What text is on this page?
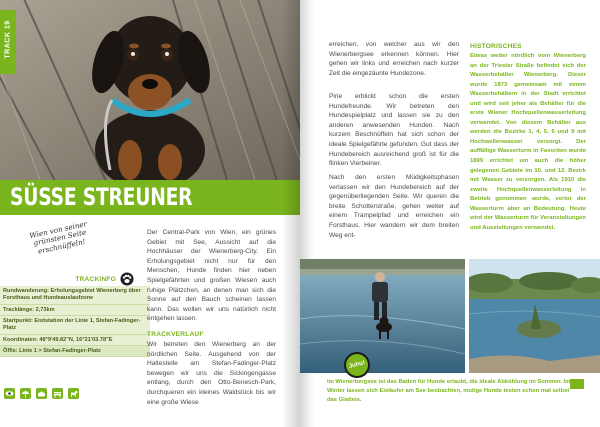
TRACK 19
SÜSSE STREUNER
Wien von seiner grünsten Seite erschnüffeln!
TRACKINFO
Rundwanderung: Erholungsgebiet Wienerberg über Forsthaus und Hundeauslaufzone
Tracklänge: 2,73km
Startpunkt: Endstation der Linie 1, Stefan-Fadinger-Platz
Koordinaten: 48°9'49.82"N, 16°21'03.78"E
Öffis: Linie 1 > Stefan-Fadinger-Platz
Der Central-Park von Wien, ein grünes Gebiet mit See, Aussicht auf die Hochhäuser der Wienerberg-City. Ein Erholungsgebiet nicht nur für den Menschen, Hunde finden hier neben Spielgefährten und großen Wiesen auch ruhige Plätzchen, an denen man sich die Sonne auf den Bauch scheinen lassen kann. Das wollen wir uns natürlich nicht entgehen lassen.
TRACKVERLAUF
Wir betreten den Wienerberg an der nördlichen Seite. Ausgehend von der Haltestelle am Stefan-Fadinger-Platz bewegen wir uns die Sickingengasse entlang, durch den Otto-Benesch-Park, durchqueren ein kleines Waldstück bis wir eine große Wiese
erreichen, von welcher aus wir den Wienerbergsee erkennen können. Hier gehen wir links und erreichen nach kurzer Zeit die eingezäunte Hundezone.
Pirie erblickt schon die ersten Hundefreunde. Wir betreten den Hundespielplatz und lassen sie zu den anderen anwesenden Hunden. Nach kurzem Beschnüffeln hat sich schon der ideale Spielgefährte gefunden. Gut dass der Hundebereich ausreichend groß ist für die flinken Vierbeiner.
Nach den ersten Müdigkeitsphasen verlassen wir den Hundebereich auf der gegenüberliegenden Seite. Wir queren die breite Schotterstraße, gehen weiter auf einem Trampelpfad und erreichen ein Forsthaus. Hier wandern wir dem breiten Weg ent-
HISTORISCHES
Etwas weiter nördlich vom Wienerberg an der Triester Straße befindet sich der Wasserbehälter Wienerberg. Dieser wurde 1873 gemeinsam mit einem Wasserbehältern in der Stadt errichtet und wird seit jeher als Behälter für die erste Wiener Hochquellenwasserleitung verwendet. Von diesem Behälter aus werden die Bezirke 1, 4, 5, 6 und 9 mit Hochwellenwasser versorgt. Der auffällige Wasserturm in Favoriten wurde 1899 errichtet um auch die höher gelegenen Gebiete im 10. und 12. Bezirk mit Wasser zu versorgen. Als 1910 die zweite Hochquellenwasserleitung in Betrieb genommen wurde, verlor der Wasserturm aber an Bedeutung. Heute wird der Wasserturm für Veranstaltungen und Ausstellungen verwendet.
Juhu!
Im Wienerbergsee ist das Baden für Hunde erlaubt, die ideale Abkühlung im Sommer. Im Winter lassen sich Eisläufer am See beobachten, mutige Hunde testen schon mal selbst das Glatteis.
